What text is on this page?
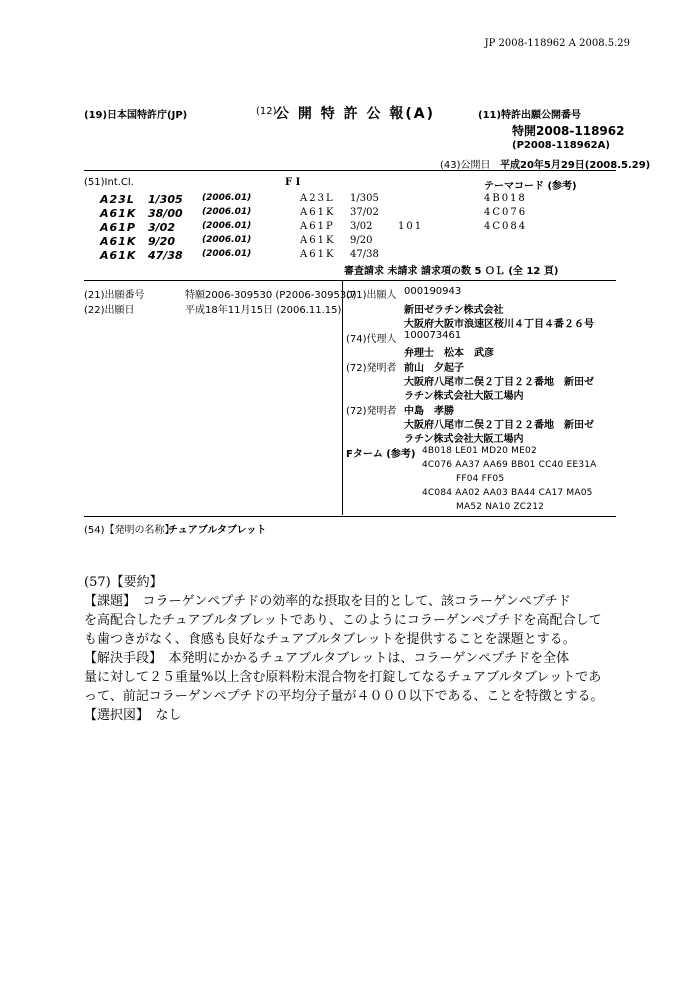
JP 2008-118962 A 2008.5.29
(19)日本国特許庁(JP)	(12)
公 開 特 許 公 報(A)	(11)特許出願公開番号
特開2008-118962
(P2008-118962A)
(43)公開日 平成20年5月29日(2008.5.29)
(51)Int.Cl.	F I	テーマコード (参考)
A23L 1/305 (2006.01)	A23L 1/305	4B018
A61K 38/00 (2006.01)	A61K 37/02	4C076
A61P 3/02	(2006.01)	A61P 3/02	101	4C084
A61K 9/20	(2006.01)	A61K 9/20
A61K 47/38 (2006.01)	A61K 47/38
審査請求 未請求 請求項の数 5 ＯＬ (全 12 頁)
(21)出願番号	特願2006-309530 (P2006-309530)
(22)出願日	平成18年11月15日 (2006.11.15)
(71)出願人 000190943
新田ゼラチン株式会社
大阪府大阪市浪速区桜川４丁目４番２６号
(74)代理人 100073461
弁理士　松本　武彦
(72)発明者 前山　夕起子
大阪府八尾市二俣２丁目２２番地　新田ゼ
ラチン株式会社大阪工場内
(72)発明者 中島　孝勝
大阪府八尾市二俣２丁目２２番地　新田ゼ
ラチン株式会社大阪工場内
Fターム (参考) 4B018 LE01 MD20 ME02
4C076 AA37 AA69 BB01 CC40 EE31A
FF04 FF05
4C084 AA02 AA03 BA44 CA17 MA05
MA52 NA10 ZC212
(54)【発明の名称】
チュアブルタブレット
(57)【要約】
【課題】　コラーゲンペプチドの効率的な摂取を目的として、該コラーゲンペプチド
を高配合したチュアブルタブレットであり、このようにコラーゲンペプチドを高配合して
も歯つきがなく、食感も良好なチュアブルタブレットを提供することを課題とする。
【解決手段】　本発明にかかるチュアブルタブレットは、コラーゲンペプチドを全体
量に対して２５重量%以上含む原料粉末混合物を打錠してなるチュアブルタブレットであ
って、前記コラーゲンペプチドの平均分子量が４０００以下である、ことを特徴とする。
【選択図】　なし
